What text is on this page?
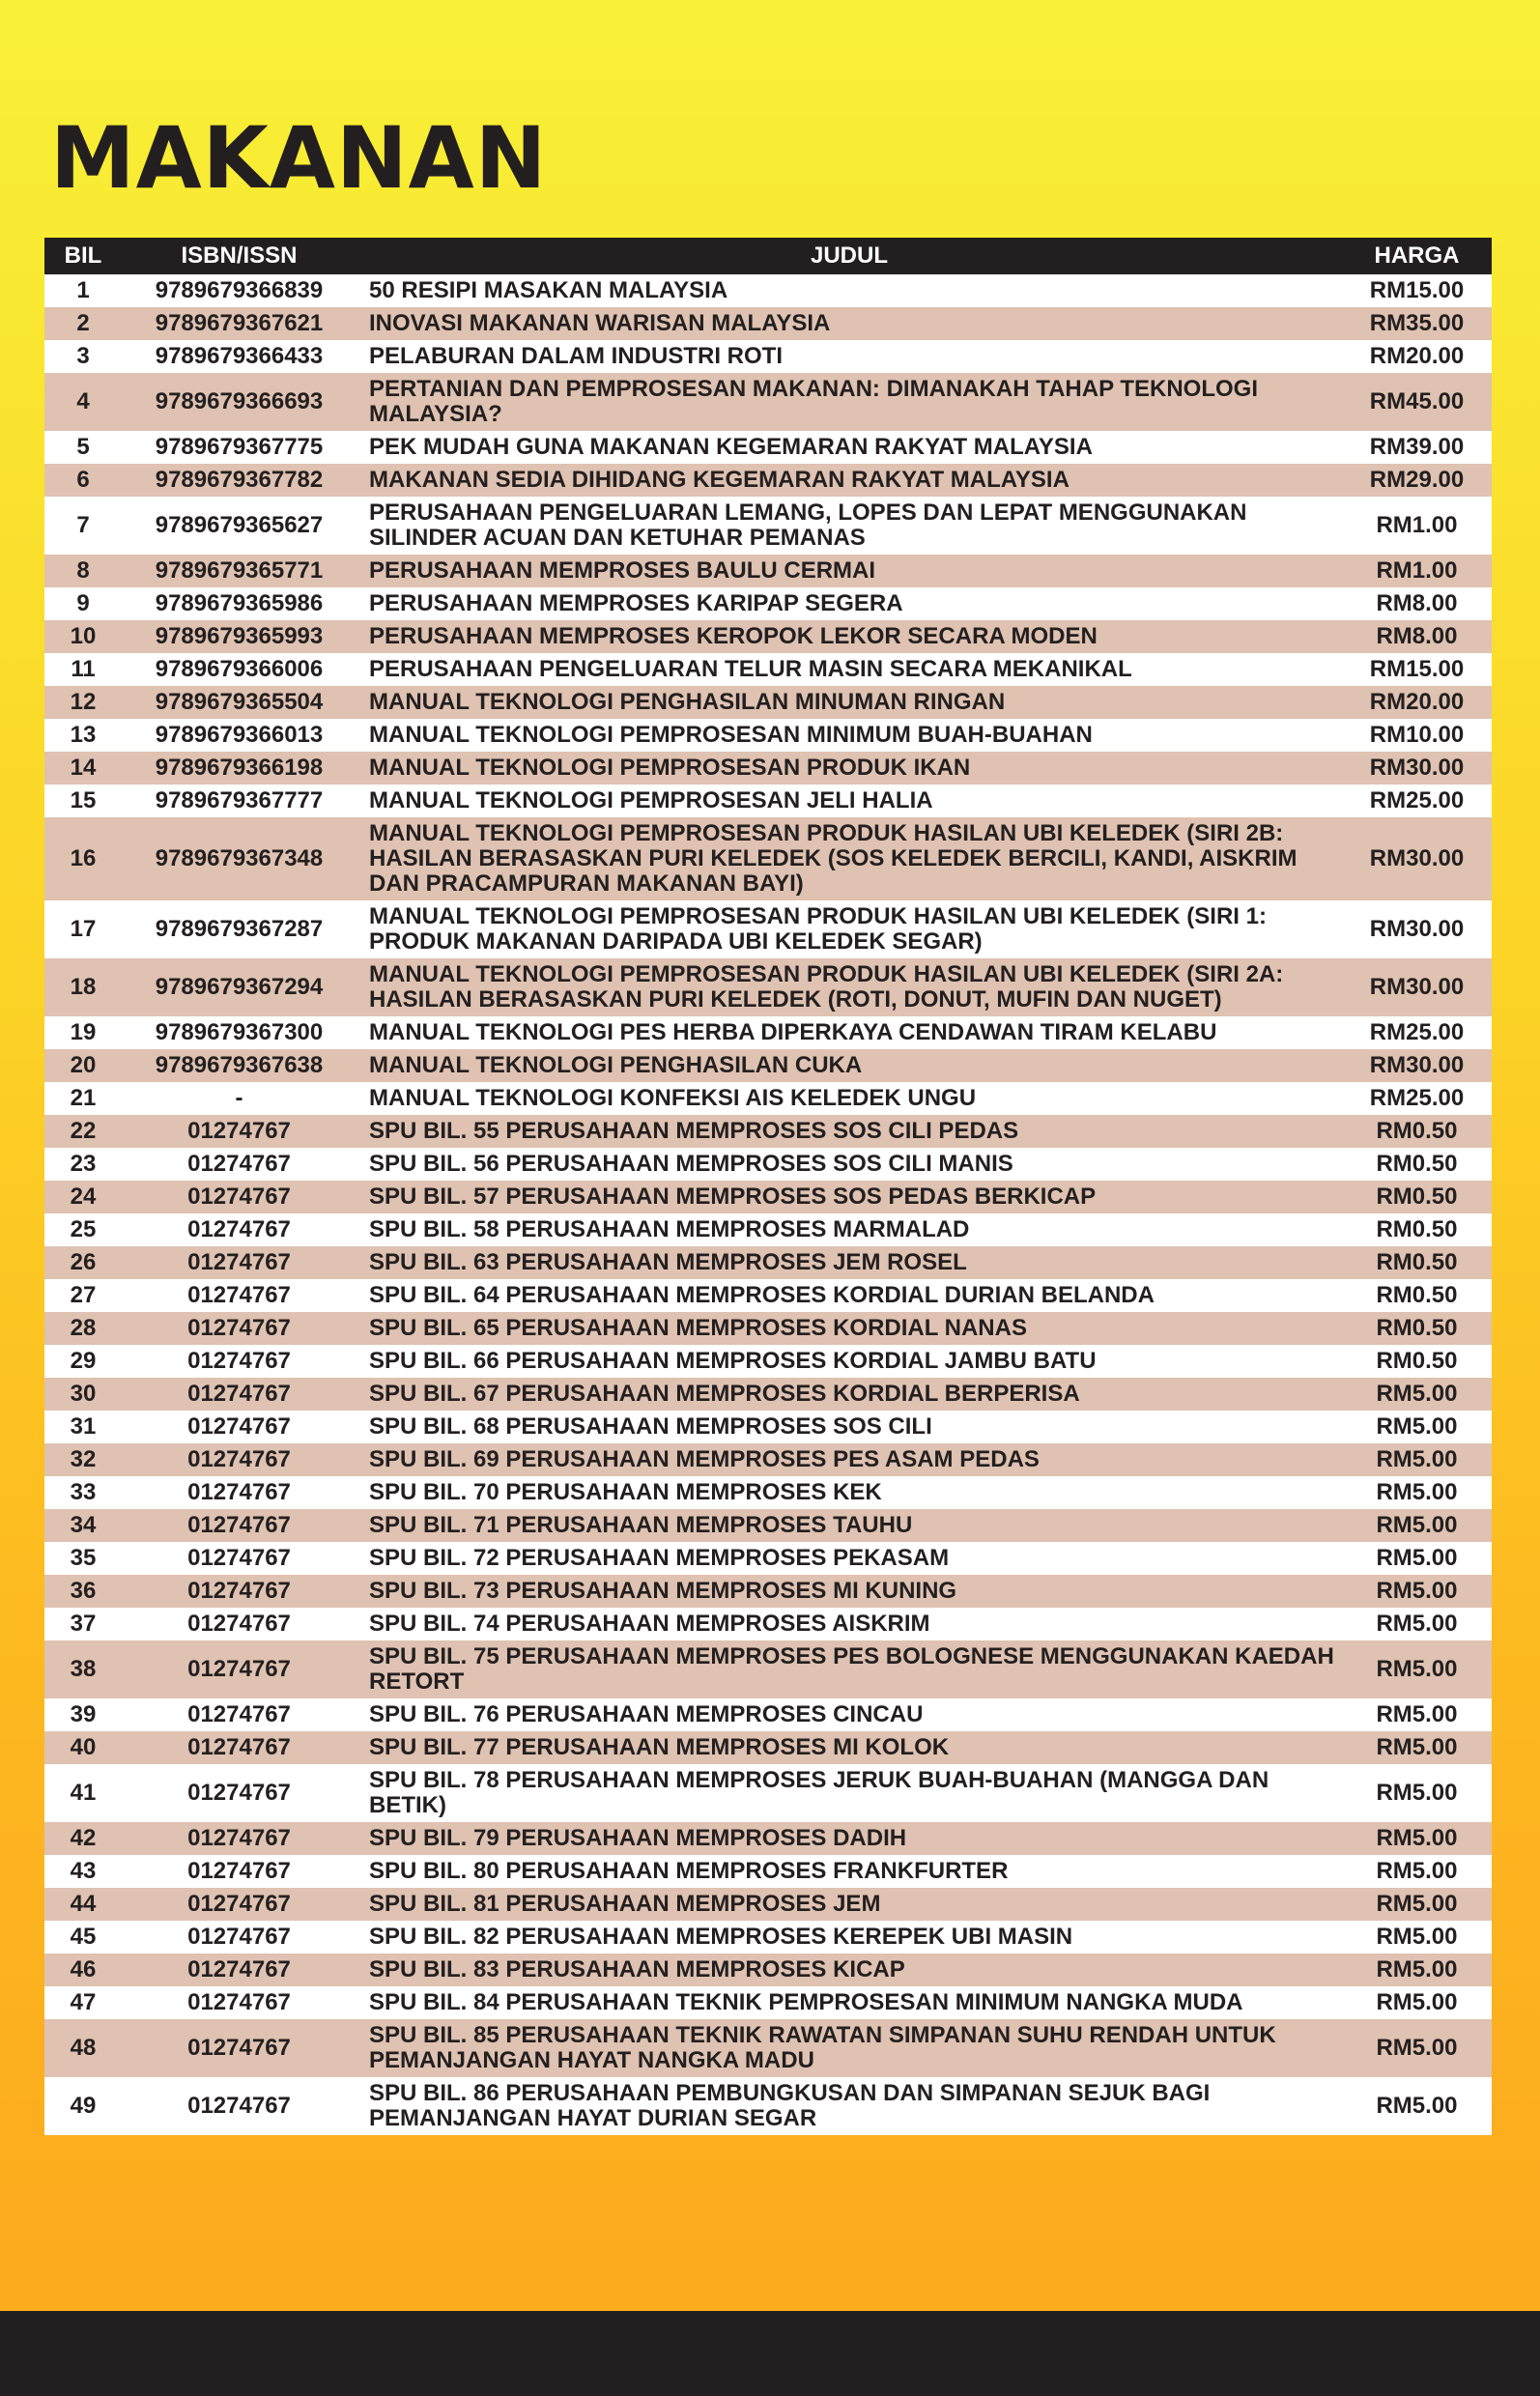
MAKANAN
BIL	ISBN/ISSN	JUDUL	HARGA
1	9789679366839	50 RESIPI MASAKAN MALAYSIA	RM15.00
2	9789679367621	INOVASI MAKANAN WARISAN MALAYSIA	RM35.00
3	9789679366433	PELABURAN DALAM INDUSTRI ROTI	RM20.00
4	9789679366693	PERTANIAN DAN PEMPROSESAN MAKANAN: DIMANAKAH TAHAP TEKNOLOGI MALAYSIA?	RM45.00
5	9789679367775	PEK MUDAH GUNA MAKANAN KEGEMARAN RAKYAT MALAYSIA	RM39.00
6	9789679367782	MAKANAN SEDIA DIHIDANG KEGEMARAN RAKYAT MALAYSIA	RM29.00
7	9789679365627	PERUSAHAAN PENGELUARAN LEMANG, LOPES DAN LEPAT MENGGUNAKAN SILINDER ACUAN DAN KETUHAR PEMANAS	RM1.00
8	9789679365771	PERUSAHAAN MEMPROSES BAULU CERMAI	RM1.00
9	9789679365986	PERUSAHAAN MEMPROSES KARIPAP SEGERA	RM8.00
10	9789679365993	PERUSAHAAN MEMPROSES KEROPOK LEKOR SECARA MODEN	RM8.00
11	9789679366006	PERUSAHAAN PENGELUARAN TELUR MASIN SECARA MEKANIKAL	RM15.00
12	9789679365504	MANUAL TEKNOLOGI PENGHASILAN MINUMAN RINGAN	RM20.00
13	9789679366013	MANUAL TEKNOLOGI PEMPROSESAN MINIMUM BUAH-BUAHAN	RM10.00
14	9789679366198	MANUAL TEKNOLOGI PEMPROSESAN PRODUK IKAN	RM30.00
15	9789679367777	MANUAL TEKNOLOGI PEMPROSESAN JELI HALIA	RM25.00
16	9789679367348	MANUAL TEKNOLOGI PEMPROSESAN PRODUK HASILAN UBI KELEDEK (SIRI 2B: HASILAN BERASASKAN PURI KELEDEK (SOS KELEDEK BERCILI, KANDI, AISKRIM DAN PRACAMPURAN MAKANAN BAYI)	RM30.00
17	9789679367287	MANUAL TEKNOLOGI PEMPROSESAN PRODUK HASILAN UBI KELEDEK (SIRI 1: PRODUK MAKANAN DARIPADA UBI KELEDEK SEGAR)	RM30.00
18	9789679367294	MANUAL TEKNOLOGI PEMPROSESAN PRODUK HASILAN UBI KELEDEK (SIRI 2A: HASILAN BERASASKAN PURI KELEDEK (ROTI, DONUT, MUFIN DAN NUGET)	RM30.00
19	9789679367300	MANUAL TEKNOLOGI PES HERBA DIPERKAYA CENDAWAN TIRAM KELABU	RM25.00
20	9789679367638	MANUAL TEKNOLOGI PENGHASILAN CUKA	RM30.00
21	-	MANUAL TEKNOLOGI KONFEKSI AIS KELEDEK UNGU	RM25.00
22	01274767	SPU BIL. 55 PERUSAHAAN MEMPROSES SOS CILI PEDAS	RM0.50
23	01274767	SPU BIL. 56 PERUSAHAAN MEMPROSES SOS CILI MANIS	RM0.50
24	01274767	SPU BIL. 57 PERUSAHAAN MEMPROSES SOS PEDAS BERKICAP	RM0.50
25	01274767	SPU BIL. 58 PERUSAHAAN MEMPROSES MARMALAD	RM0.50
26	01274767	SPU BIL. 63 PERUSAHAAN MEMPROSES JEM ROSEL	RM0.50
27	01274767	SPU BIL. 64 PERUSAHAAN MEMPROSES KORDIAL DURIAN BELANDA	RM0.50
28	01274767	SPU BIL. 65 PERUSAHAAN MEMPROSES KORDIAL NANAS	RM0.50
29	01274767	SPU BIL. 66 PERUSAHAAN MEMPROSES KORDIAL JAMBU BATU	RM0.50
30	01274767	SPU BIL. 67 PERUSAHAAN MEMPROSES KORDIAL BERPERISA	RM5.00
31	01274767	SPU BIL. 68 PERUSAHAAN MEMPROSES SOS CILI	RM5.00
32	01274767	SPU BIL. 69 PERUSAHAAN MEMPROSES PES ASAM PEDAS	RM5.00
33	01274767	SPU BIL. 70 PERUSAHAAN MEMPROSES KEK	RM5.00
34	01274767	SPU BIL. 71 PERUSAHAAN MEMPROSES TAUHU	RM5.00
35	01274767	SPU BIL. 72 PERUSAHAAN MEMPROSES PEKASAM	RM5.00
36	01274767	SPU BIL. 73 PERUSAHAAN MEMPROSES MI KUNING	RM5.00
37	01274767	SPU BIL. 74 PERUSAHAAN MEMPROSES AISKRIM	RM5.00
38	01274767	SPU BIL. 75 PERUSAHAAN MEMPROSES PES BOLOGNESE MENGGUNAKAN KAEDAH RETORT	RM5.00
39	01274767	SPU BIL. 76 PERUSAHAAN MEMPROSES CINCAU	RM5.00
40	01274767	SPU BIL. 77 PERUSAHAAN MEMPROSES MI KOLOK	RM5.00
41	01274767	SPU BIL. 78 PERUSAHAAN MEMPROSES JERUK BUAH-BUAHAN (MANGGA DAN BETIK)	RM5.00
42	01274767	SPU BIL. 79 PERUSAHAAN MEMPROSES DADIH	RM5.00
43	01274767	SPU BIL. 80 PERUSAHAAN MEMPROSES FRANKFURTER	RM5.00
44	01274767	SPU BIL. 81 PERUSAHAAN MEMPROSES JEM	RM5.00
45	01274767	SPU BIL. 82 PERUSAHAAN MEMPROSES KEREPEK UBI MASIN	RM5.00
46	01274767	SPU BIL. 83 PERUSAHAAN MEMPROSES KICAP	RM5.00
47	01274767	SPU BIL. 84 PERUSAHAAN TEKNIK PEMPROSESAN MINIMUM NANGKA MUDA	RM5.00
48	01274767	SPU BIL. 85 PERUSAHAAN TEKNIK RAWATAN SIMPANAN SUHU RENDAH UNTUK PEMANJANGAN HAYAT NANGKA MADU	RM5.00
49	01274767	SPU BIL. 86 PERUSAHAAN PEMBUNGKUSAN DAN SIMPANAN SEJUK BAGI PEMANJANGAN HAYAT DURIAN SEGAR	RM5.00
